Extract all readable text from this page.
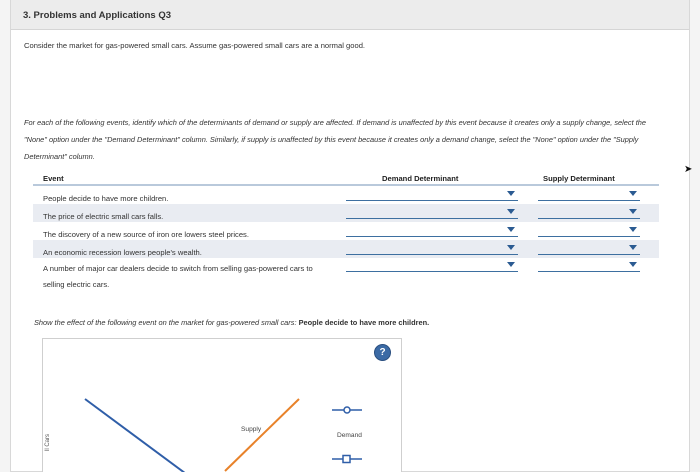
3. Problems and Applications Q3
Consider the market for gas-powered small cars. Assume gas-powered small cars are a normal good.
For each of the following events, identify which of the determinants of demand or supply are affected. If demand is unaffected by this event because it creates only a supply change, select the "None" option under the "Demand Determinant" column. Similarly, if supply is unaffected by this event because it creates only a demand change, select the "None" option under the "Supply Determinant" column.
Event	Demand Determinant	Supply Determinant
People decide to have more children.
The price of electric small cars falls.
The discovery of a new source of iron ore lowers steel prices.
An economic recession lowers people's wealth.
A number of major car dealers decide to switch from selling gas-powered cars to selling electric cars.
Show the effect of the following event on the market for gas-powered small cars: People decide to have more children.
?
Supply
Demand
ll Cars
➤
